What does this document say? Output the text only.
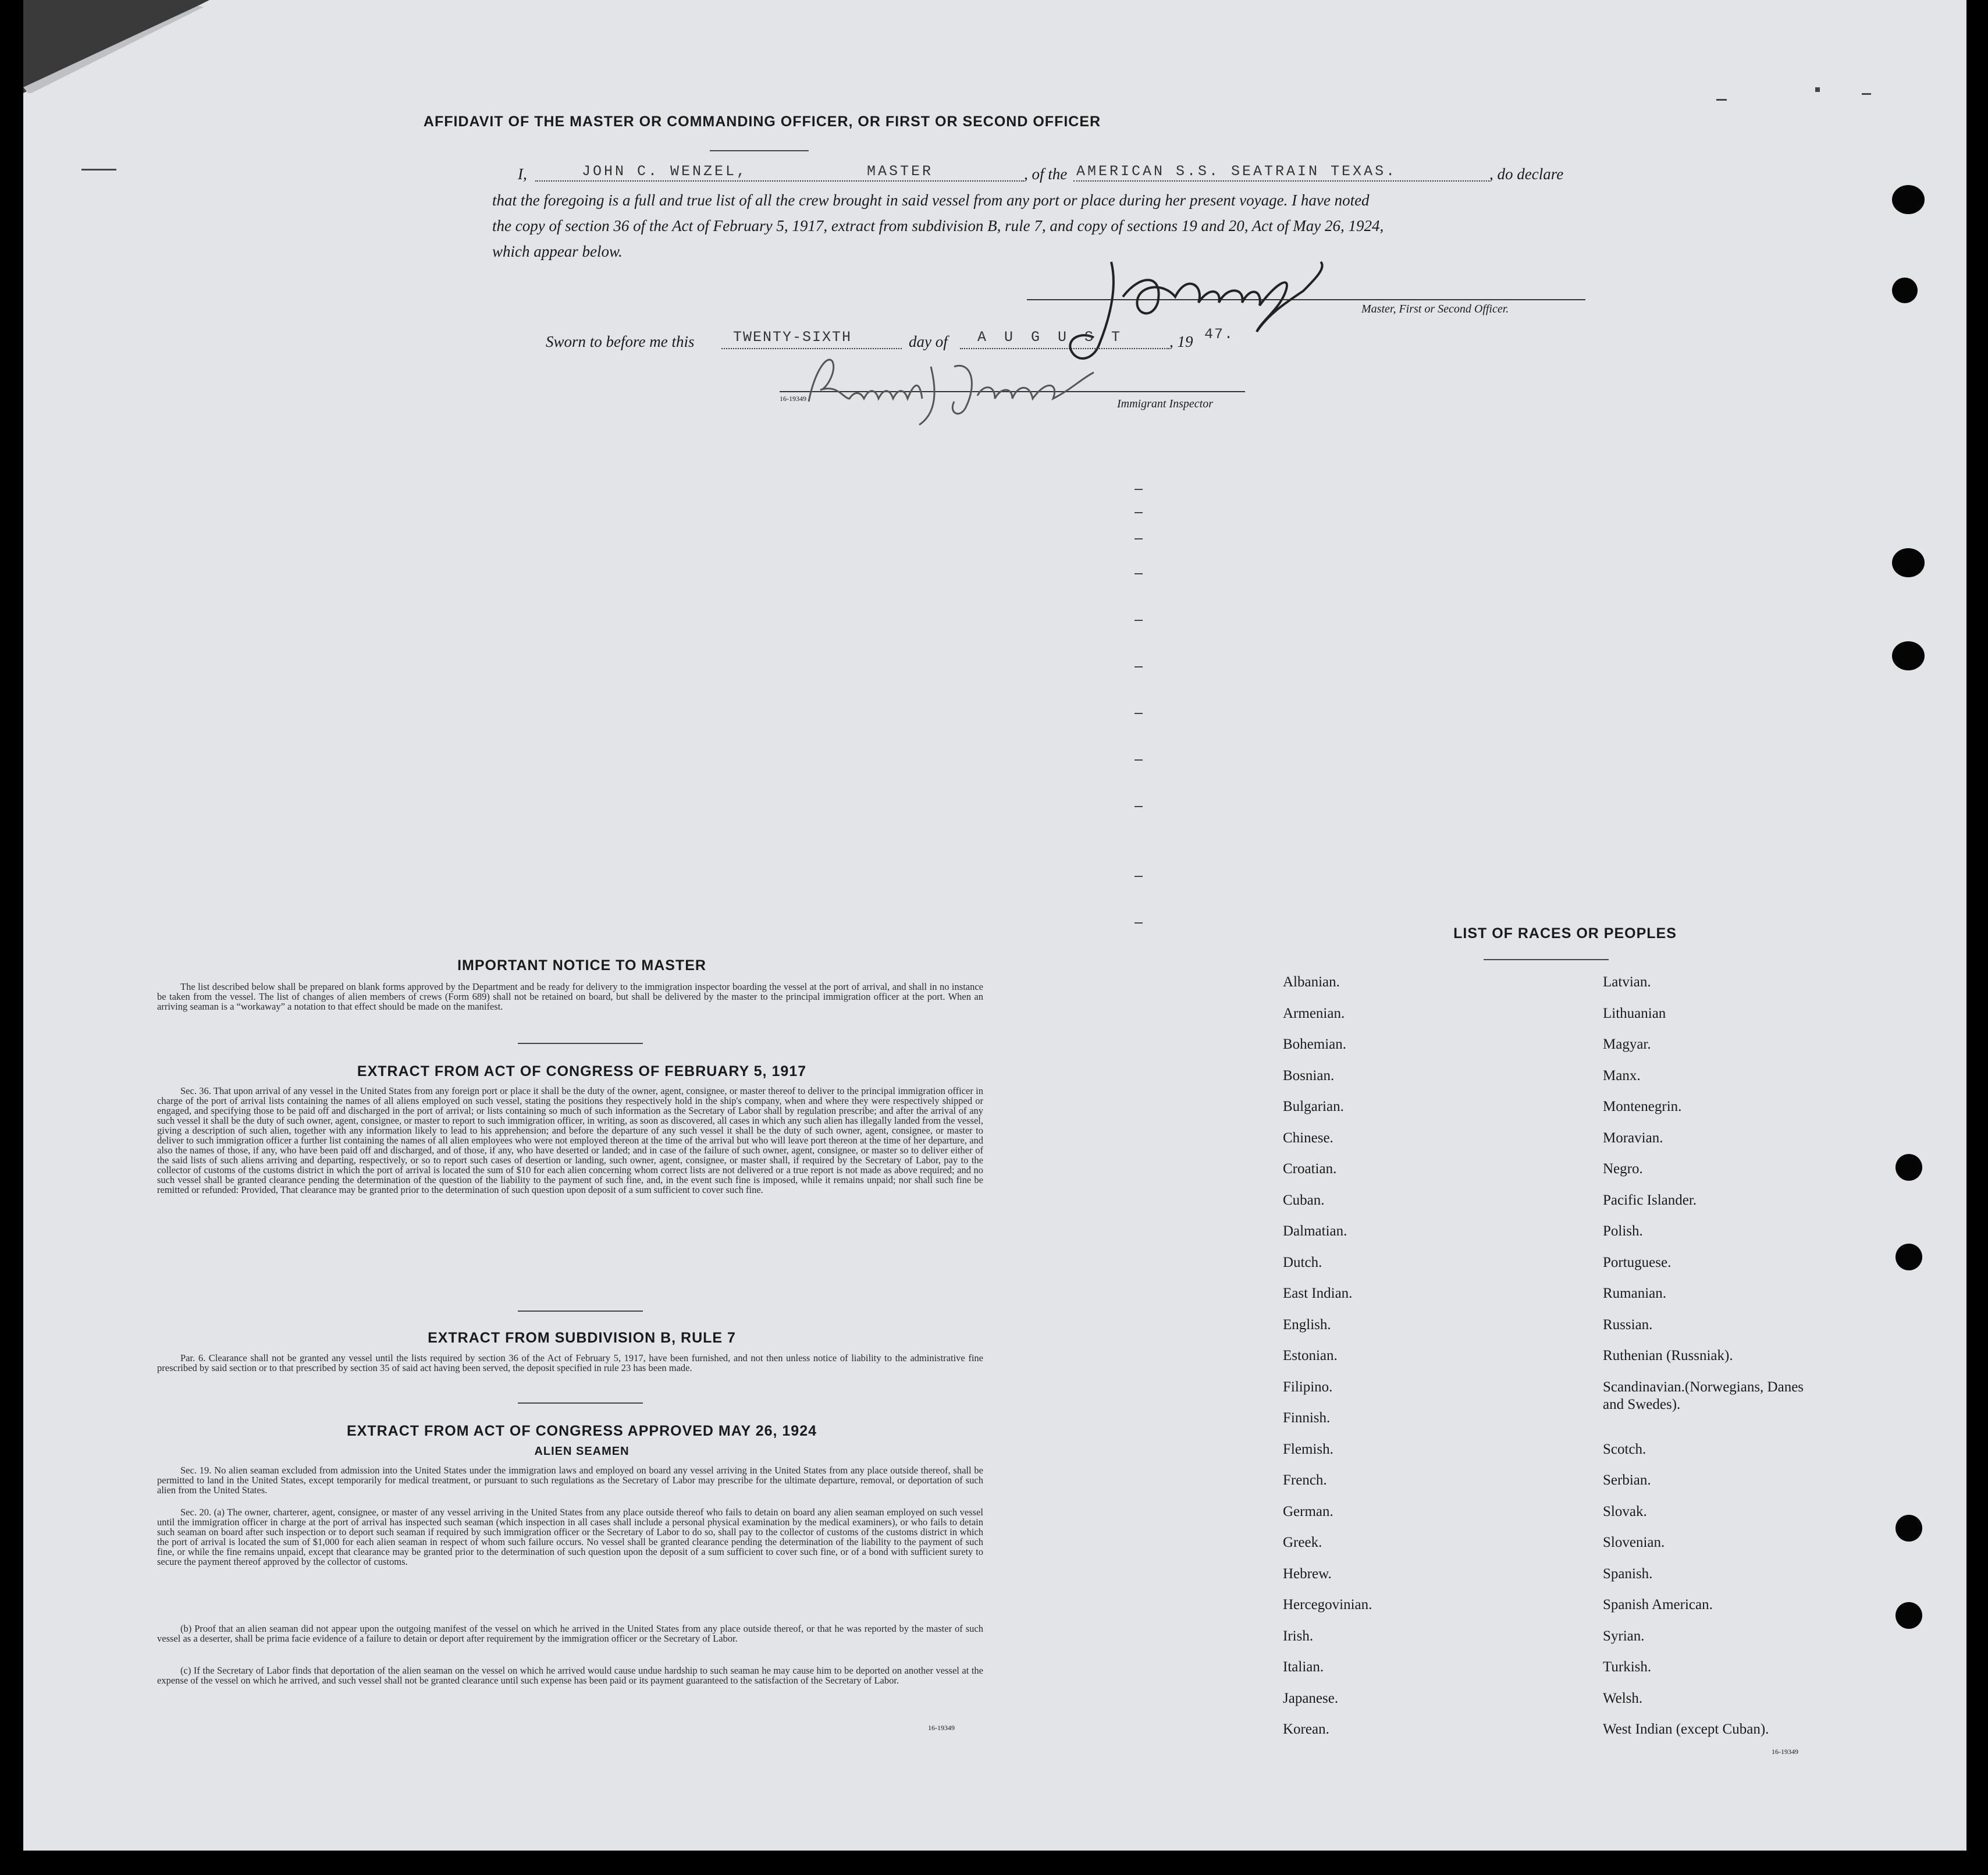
AFFIDAVIT OF THE MASTER OR COMMANDING OFFICER, OR FIRST OR SECOND OFFICER
I,	JOHN C. WENZEL,	MASTER	, of the AMERICAN S.S. SEATRAIN TEXAS.	, do declare
that the foregoing is a full and true list of all the crew brought in said vessel from any port or place during her present voyage. I have noted
the copy of section 36 of the Act of February 5, 1917, extract from subdivision B, rule 7, and copy of sections 19 and 20, Act of May 26, 1924,
which appear below.
Master, First or Second Officer.
Sworn to before me this	TWENTY-SIXTH	day of A U G U S T	, 19 47.
16-19349	Immigrant Inspector
IMPORTANT NOTICE TO MASTER
The list described below shall be prepared on blank forms approved by the Department and be ready for delivery to the immigration inspector boarding the vessel at the port of arrival, and shall in no instance be taken from the vessel. The list of changes of alien members of crews (Form 689) shall not be retained on board, but shall be delivered by the master to the principal immigration officer at the port. When an arriving seaman is a “workaway” a notation to that effect should be made on the manifest.
EXTRACT FROM ACT OF CONGRESS OF FEBRUARY 5, 1917
Sec. 36. That upon arrival of any vessel in the United States from any foreign port or place it shall be the duty of the owner, agent, consignee, or master thereof to deliver to the principal immigration officer in charge of the port of arrival lists containing the names of all aliens employed on such vessel, stating the positions they respectively hold in the ship's company, when and where they were respectively shipped or engaged, and specifying those to be paid off and discharged in the port of arrival; or lists containing so much of such information as the Secretary of Labor shall by regulation prescribe; and after the arrival of any such vessel it shall be the duty of such owner, agent, consignee, or master to report to such immigration officer, in writing, as soon as discovered, all cases in which any such alien has illegally landed from the vessel, giving a description of such alien, together with any information likely to lead to his apprehension; and before the departure of any such vessel it shall be the duty of such owner, agent, consignee, or master to deliver to such immigration officer a further list containing the names of all alien employees who were not employed thereon at the time of the arrival but who will leave port thereon at the time of her departure, and also the names of those, if any, who have been paid off and discharged, and of those, if any, who have deserted or landed; and in case of the failure of such owner, agent, consignee, or master so to deliver either of the said lists of such aliens arriving and departing, respectively, or so to report such cases of desertion or landing, such owner, agent, consignee, or master shall, if required by the Secretary of Labor, pay to the collector of customs of the customs district in which the port of arrival is located the sum of $10 for each alien concerning whom correct lists are not delivered or a true report is not made as above required; and no such vessel shall be granted clearance pending the determination of the question of the liability to the payment of such fine, and, in the event such fine is imposed, while it remains unpaid; nor shall such fine be remitted or refunded: Provided, That clearance may be granted prior to the determination of such question upon deposit of a sum sufficient to cover such fine.
EXTRACT FROM SUBDIVISION B, RULE 7
Par. 6. Clearance shall not be granted any vessel until the lists required by section 36 of the Act of February 5, 1917, have been furnished, and not then unless notice of liability to the administrative fine prescribed by said section or to that prescribed by section 35 of said act having been served, the deposit specified in rule 23 has been made.
EXTRACT FROM ACT OF CONGRESS APPROVED MAY 26, 1924
ALIEN SEAMEN
Sec. 19. No alien seaman excluded from admission into the United States under the immigration laws and employed on board any vessel arriving in the United States from any place outside thereof, shall be permitted to land in the United States, except temporarily for medical treatment, or pursuant to such regulations as the Secretary of Labor may prescribe for the ultimate departure, removal, or deportation of such alien from the United States.
Sec. 20. (a) The owner, charterer, agent, consignee, or master of any vessel arriving in the United States from any place outside thereof who fails to detain on board any alien seaman employed on such vessel until the immigration officer in charge at the port of arrival has inspected such seaman (which inspection in all cases shall include a personal physical examination by the medical examiners), or who fails to detain such seaman on board after such inspection or to deport such seaman if required by such immigration officer or the Secretary of Labor to do so, shall pay to the collector of customs of the customs district in which the port of arrival is located the sum of $1,000 for each alien seaman in respect of whom such failure occurs. No vessel shall be granted clearance pending the determination of the liability to the payment of such fine, or while the fine remains unpaid, except that clearance may be granted prior to the determination of such question upon the deposit of a sum sufficient to cover such fine, or of a bond with sufficient surety to secure the payment thereof approved by the collector of customs.
(b) Proof that an alien seaman did not appear upon the outgoing manifest of the vessel on which he arrived in the United States from any place outside thereof, or that he was reported by the master of such vessel as a deserter, shall be prima facie evidence of a failure to detain or deport after requirement by the immigration officer or the Secretary of Labor.
(c) If the Secretary of Labor finds that deportation of the alien seaman on the vessel on which he arrived would cause undue hardship to such seaman he may cause him to be deported on another vessel at the expense of the vessel on which he arrived, and such vessel shall not be granted clearance until such expense has been paid or its payment guaranteed to the satisfaction of the Secretary of Labor.
16-19349
LIST OF RACES OR PEOPLES
Albanian.
Armenian.
Bohemian.
Bosnian.
Bulgarian.
Chinese.
Croatian.
Cuban.
Dalmatian.
Dutch.
East Indian.
English.
Estonian.
Filipino.
Finnish.
Flemish.
French.
German.
Greek.
Hebrew.
Hercegovinian.
Irish.
Italian.
Japanese.
Korean.
Latvian.
Lithuanian
Magyar.
Manx.
Montenegrin.
Moravian.
Negro.
Pacific Islander.
Polish.
Portuguese.
Rumanian.
Russian.
Ruthenian (Russniak).
Scandinavian.(Norwegians, Danes and Swedes).
Scotch.
Serbian.
Slovak.
Slovenian.
Spanish.
Spanish American.
Syrian.
Turkish.
Welsh.
West Indian (except Cuban).
16-19349
